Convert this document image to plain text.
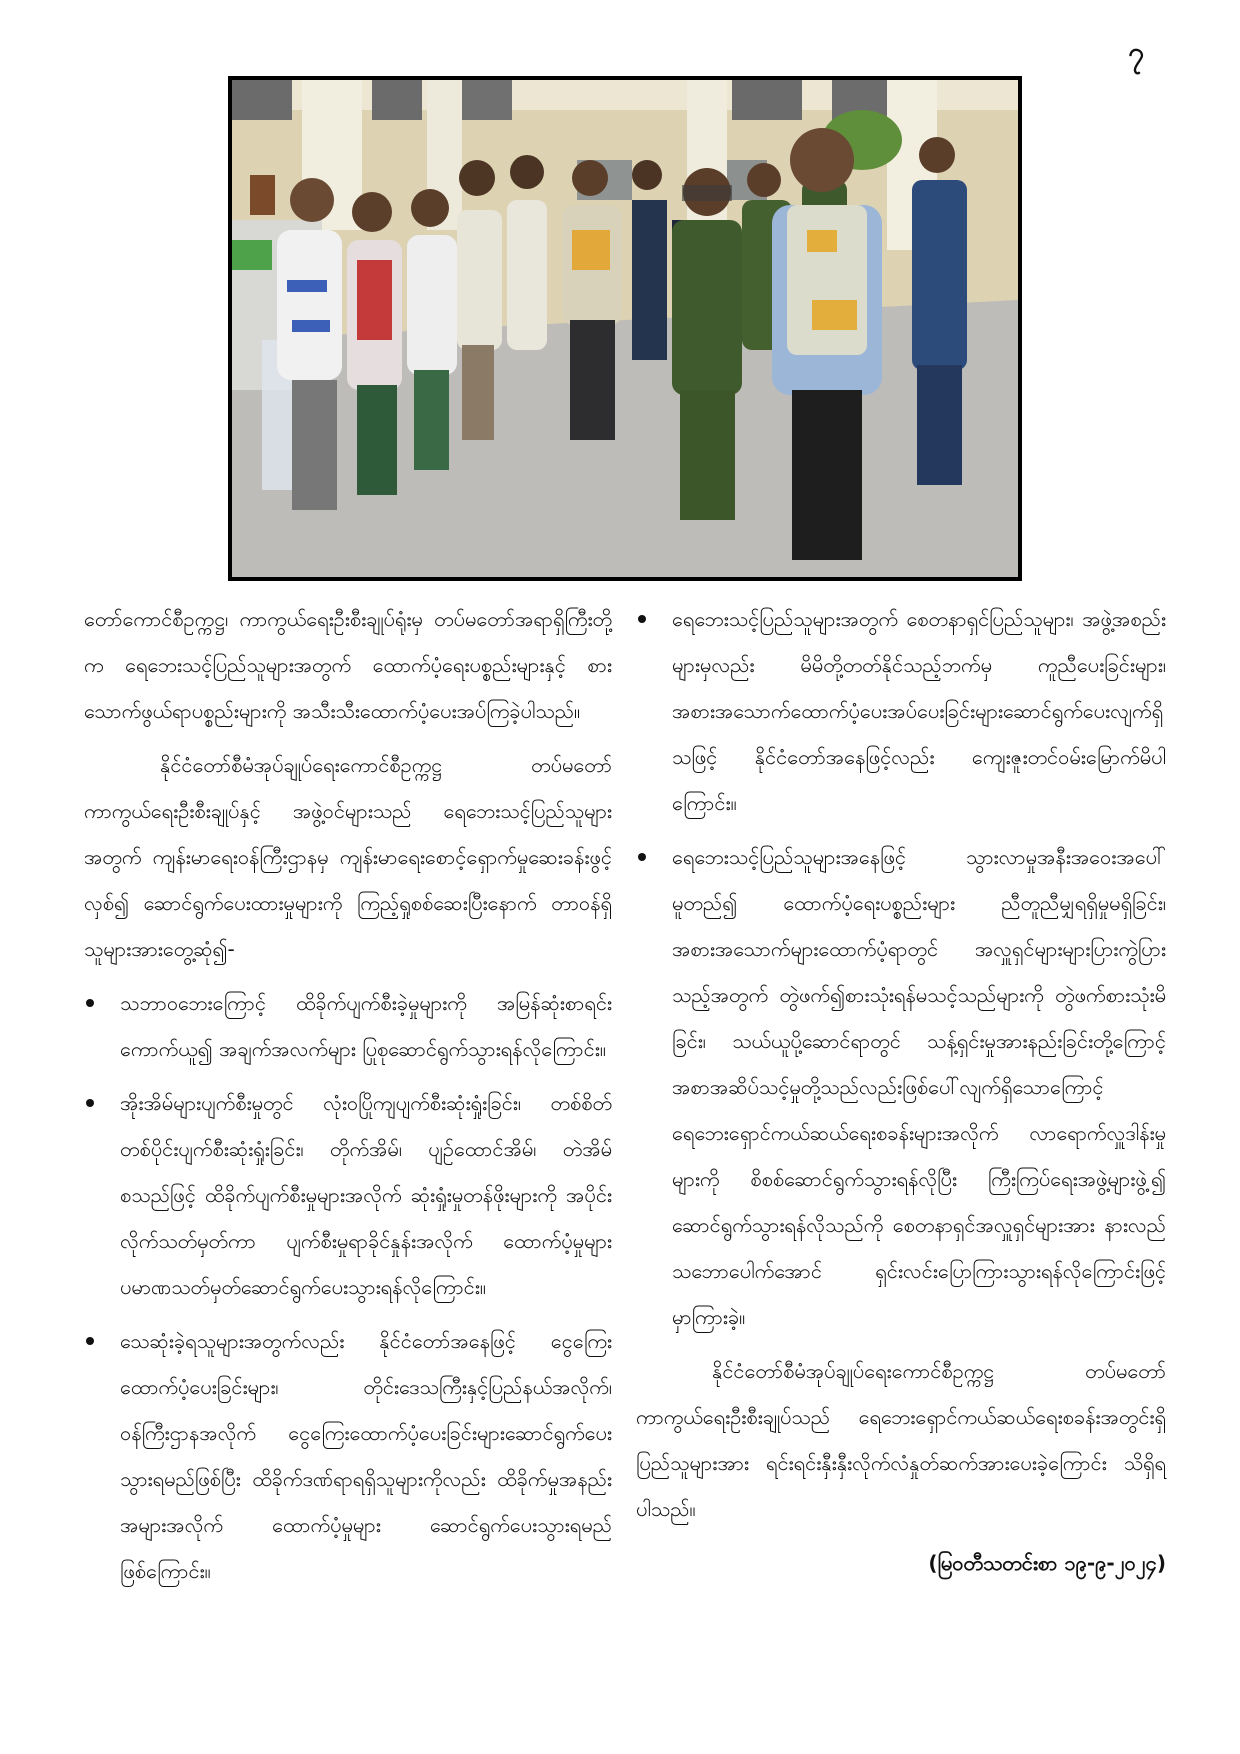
၇

တော်ကောင်စီဥက္ကဋ္ဌ၊ ကာကွယ်ရေးဦးစီးချုပ်ရုံးမှ တပ်မတော်အရာရှိကြီးတို့က ရေဘေးသင့်ပြည်သူများအတွက် ထောက်ပံ့ရေးပစ္စည်းများနှင့် စားသောက်ဖွယ်ရာပစ္စည်းများကို အသီးသီးထောက်ပံ့ပေးအပ်ကြခဲ့ပါသည်။

နိုင်ငံတော်စီမံအုပ်ချုပ်ရေးကောင်စီဥက္ကဋ္ဌ တပ်မတော်ကာကွယ်ရေးဦးစီးချုပ်နှင့် အဖွဲ့ဝင်များသည် ရေဘေးသင့်ပြည်သူများအတွက် ကျန်းမာရေးဝန်ကြီးဌာနမှ ကျန်းမာရေးစောင့်ရှောက်မှုဆေးခန်းဖွင့်လှစ်၍ ဆောင်ရွက်ပေးထားမှုများကို ကြည့်ရှုစစ်ဆေးပြီးနောက် တာဝန်ရှိသူများအားတွေ့ဆုံ၍-

သဘာဝဘေးကြောင့် ထိခိုက်ပျက်စီးခဲ့မှုများကို အမြန်ဆုံးစာရင်းကောက်ယူ၍ အချက်အလက်များ ပြုစုဆောင်ရွက်သွားရန်လိုကြောင်း။
အိုးအိမ်များပျက်စီးမှုတွင် လုံးဝပြိုကျပျက်စီးဆုံးရှုံးခြင်း၊ တစ်စိတ်တစ်ပိုင်းပျက်စီးဆုံးရှုံးခြင်း၊ တိုက်အိမ်၊ ပျဉ်ထောင်အိမ်၊ တဲအိမ် စသည်ဖြင့် ထိခိုက်ပျက်စီးမှုများအလိုက် ဆုံးရှုံးမှုတန်ဖိုးများကို အပိုင်းလိုက်သတ်မှတ်ကာ ပျက်စီးမှုရာခိုင်နှုန်းအလိုက် ထောက်ပံ့မှုများ ပမာဏသတ်မှတ်ဆောင်ရွက်ပေးသွားရန်လိုကြောင်း။
သေဆုံးခဲ့ရသူများအတွက်လည်း နိုင်ငံတော်အနေဖြင့် ငွေကြေးထောက်ပံ့ပေးခြင်းများ၊ တိုင်းဒေသကြီးနှင့်ပြည်နယ်အလိုက်၊ ဝန်ကြီးဌာနအလိုက် ငွေကြေးထောက်ပံ့ပေးခြင်းများဆောင်ရွက်ပေးသွားရမည်ဖြစ်ပြီး ထိခိုက်ဒဏ်ရာရရှိသူများကိုလည်း ထိခိုက်မှုအနည်းအများအလိုက် ထောက်ပံ့မှုများ ဆောင်ရွက်ပေးသွားရမည်ဖြစ်ကြောင်း။
ရေဘေးသင့်ပြည်သူများအတွက် စေတနာရှင်ပြည်သူများ၊ အဖွဲ့အစည်းများမှလည်း မိမိတို့တတ်နိုင်သည့်ဘက်မှ ကူညီပေးခြင်းများ၊ အစားအသောက်ထောက်ပံ့ပေးအပ်ပေးခြင်းများဆောင်ရွက်ပေးလျက်ရှိသဖြင့် နိုင်ငံတော်အနေဖြင့်လည်း ကျေးဇူးတင်ဝမ်းမြောက်မိပါကြောင်း။
ရေဘေးသင့်ပြည်သူများအနေဖြင့် သွားလာမှုအနီးအဝေးအပေါ်မူတည်၍ ထောက်ပံ့ရေးပစ္စည်းများ ညီတူညီမျှရရှိမှုမရှိခြင်း၊ အစားအသောက်များထောက်ပံ့ရာတွင် အလှူရှင်များများပြားကွဲပြားသည့်အတွက် တွဲဖက်၍စားသုံးရန်မသင့်သည်များကို တွဲဖက်စားသုံးမိခြင်း၊ သယ်ယူပို့ဆောင်ရာတွင် သန့်ရှင်းမှုအားနည်းခြင်းတို့ကြောင့် အစာအဆိပ်သင့်မှုတို့သည်လည်းဖြစ်ပေါ်လျက်ရှိသောကြောင့် ရေဘေးရှောင်ကယ်ဆယ်ရေးစခန်းများအလိုက် လာရောက်လှူဒါန်းမှုများကို စိစစ်ဆောင်ရွက်သွားရန်လိုပြီး ကြီးကြပ်ရေးအဖွဲ့များဖွဲ့၍ ဆောင်ရွက်သွားရန်လိုသည်ကို စေတနာရှင်အလှူရှင်များအား နားလည်သဘောပေါက်အောင် ရှင်းလင်းပြောကြားသွားရန်လိုကြောင်းဖြင့် မှာကြားခဲ့။

နိုင်ငံတော်စီမံအုပ်ချုပ်ရေးကောင်စီဥက္ကဋ္ဌ တပ်မတော်ကာကွယ်ရေးဦးစီးချုပ်သည် ရေဘေးရှောင်ကယ်ဆယ်ရေးစခန်းအတွင်းရှိ ပြည်သူများအား ရင်းရင်းနှီးနှီးလိုက်လံနှုတ်ဆက်အားပေးခဲ့ကြောင်း သိရှိရပါသည်။

(မြဝတီသတင်းစာ ၁၉-၉-၂၀၂၄)
